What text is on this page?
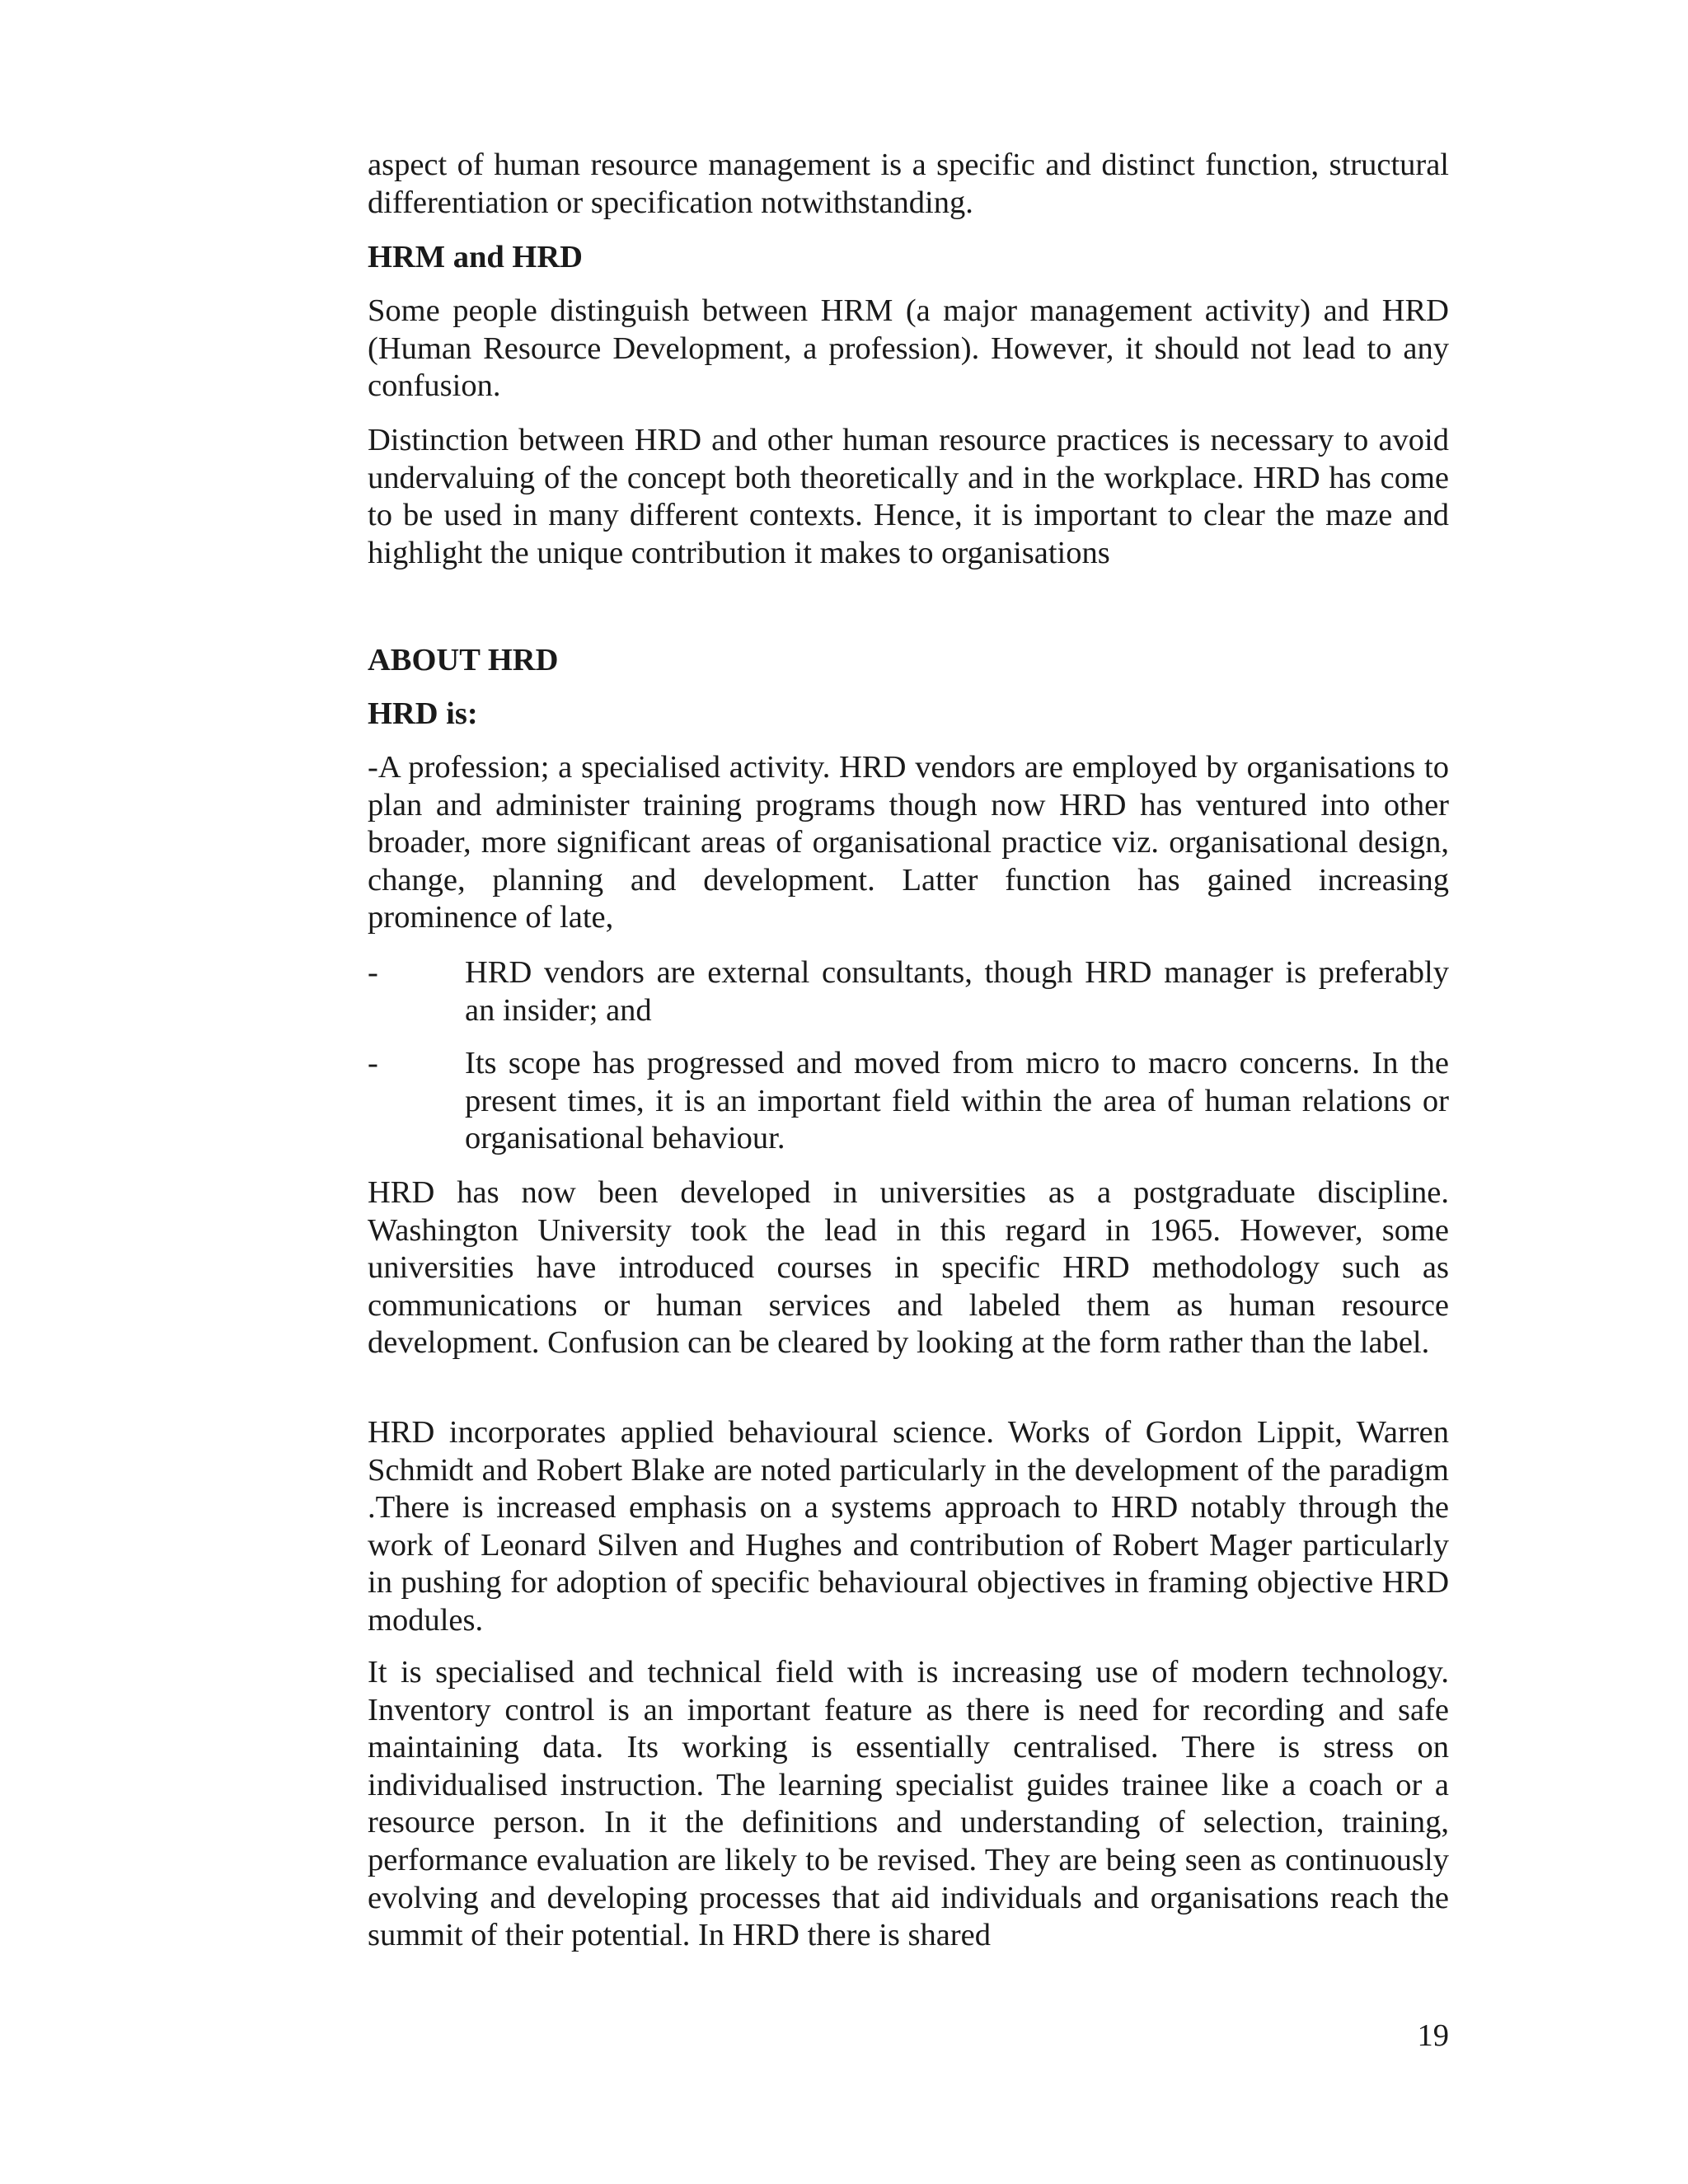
aspect of human resource management is a specific and distinct function, structural differentiation or specification notwithstanding.

HRM and HRD

Some people distinguish between HRM (a major management activity) and HRD (Human Resource Development, a profession). However, it should not lead to any confusion.

Distinction between HRD and other human resource practices is necessary to avoid undervaluing of the concept both theoretically and in the workplace. HRD has come to be used in many different contexts. Hence, it is important to clear the maze and highlight the unique contribution it makes to organisations

ABOUT HRD
HRD is:

-A profession; a specialised activity. HRD vendors are employed by organisations to plan and administer training programs though now HRD has ventured into other broader, more significant areas of organisational practice viz. organisational design, change, planning and development. Latter function has gained increasing prominence of late,

-	HRD vendors are external consultants, though HRD manager is preferably an insider; and

-	Its scope has progressed and moved from micro to macro concerns. In the present times, it is an important field within the area of human relations or organisational behaviour.

HRD has now been developed in universities as a postgraduate discipline. Washington University took the lead in this regard in 1965. However, some universities have introduced courses in specific HRD methodology such as communications or human services and labeled them as human resource development. Confusion can be cleared by looking at the form rather than the label.

HRD incorporates applied behavioural science. Works of Gordon Lippit, Warren Schmidt and Robert Blake are noted particularly in the development of the paradigm .There is increased emphasis on a systems approach to HRD notably through the work of Leonard Silven and Hughes and contribution of Robert Mager particularly in pushing for adoption of specific behavioural objectives in framing objective HRD modules.

It is specialised and technical field with is increasing use of modern technology. Inventory control is an important feature as there is need for recording and safe maintaining data. Its working is essentially centralised. There is stress on individualised instruction. The learning specialist guides trainee like a coach or a resource person. In it the definitions and understanding of selection, training, performance evaluation are likely to be revised. They are being seen as continuously evolving and developing processes that aid individuals and organisations reach the summit of their potential. In HRD there is shared

19
